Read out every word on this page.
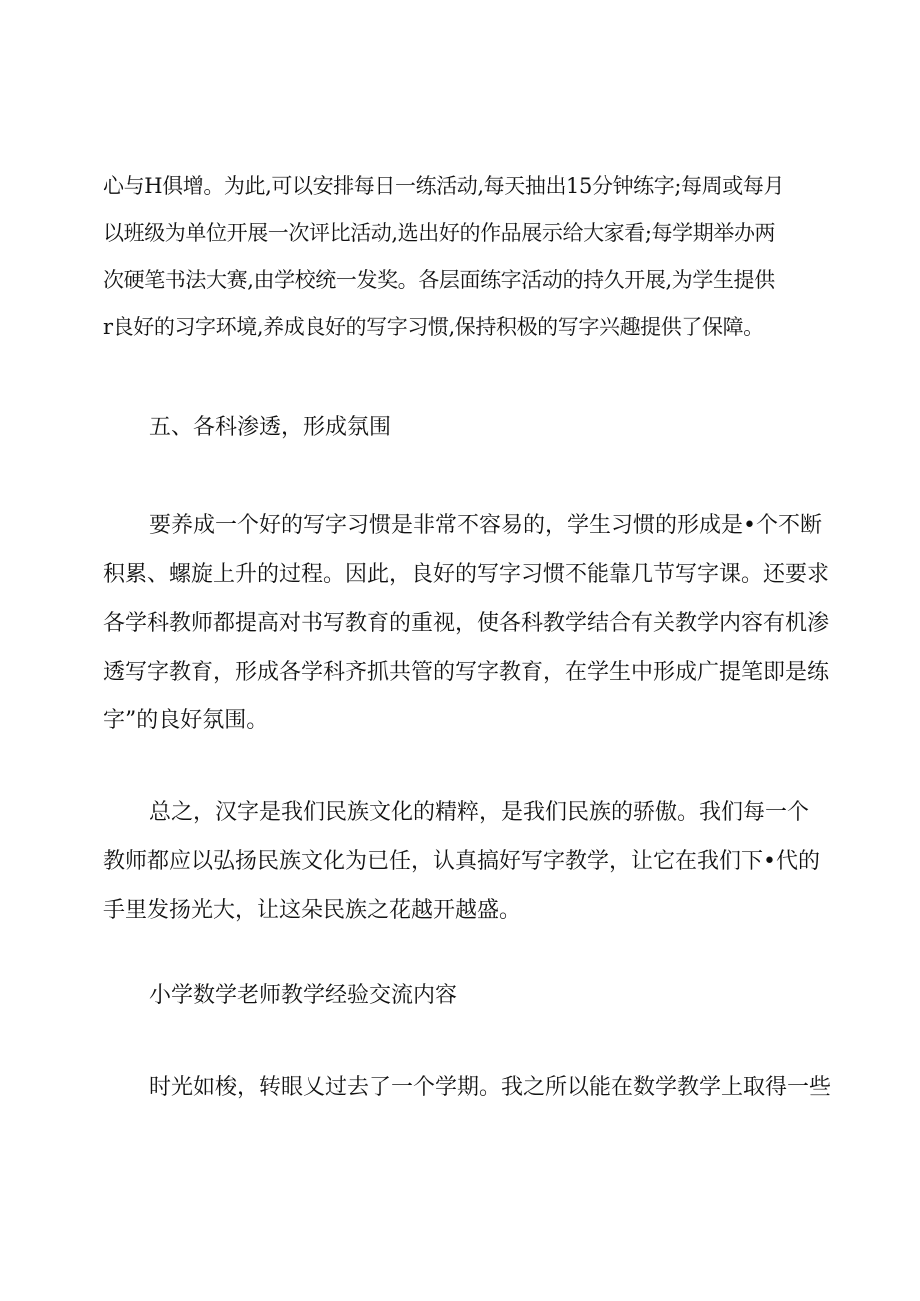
心与H俱增。为此,可以安排每日一练活动,每天抽出15分钟练字;每周或每月
以班级为单位开展一次评比活动,选出好的作品展示给大家看;每学期举办两
次硬笔书法大赛,由学校统一发奖。各层面练字活动的持久开展,为学生提供
r良好的习字环境,养成良好的写字习惯,保持积极的写字兴趣提供了保障。
五、各科渗透，形成氛围
要养成一个好的写字习惯是非常不容易的，学生习惯的形成是•个不断
积累、螺旋上升的过程。因此，良好的写字习惯不能靠几节写字课。还要求
各学科教师都提高对书写教育的重视，使各科教学结合有关教学内容有机渗
透写字教育，形成各学科齐抓共管的写字教育，在学生中形成广提笔即是练
字”的良好氛围。
总之，汉字是我们民族文化的精粹，是我们民族的骄傲。我们每一个
教师都应以弘扬民族文化为已任，认真搞好写字教学，让它在我们下•代的
手里发扬光大，让这朵民族之花越开越盛。
小学数学老师教学经验交流内容
时光如梭，转眼乂过去了一个学期。我之所以能在数学教学上取得一些
